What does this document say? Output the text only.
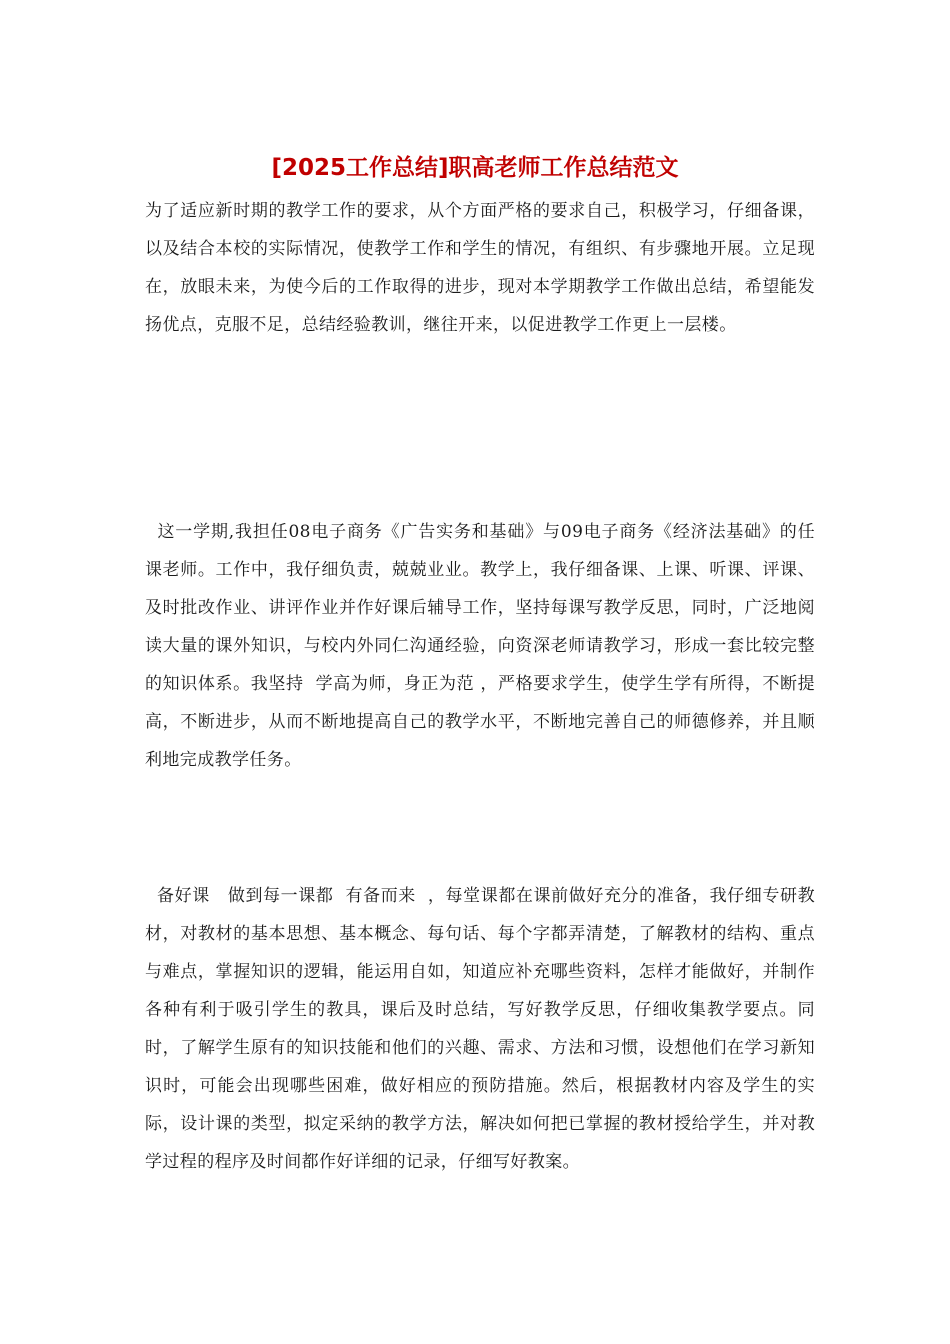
[2025工作总结]职高老师工作总结范文

为了适应新时期的教学工作的要求，从个方面严格的要求自己，积极学习，仔细备课，以及结合本校的实际情况，使教学工作和学生的情况，有组织、有步骤地开展。立足现在，放眼未来，为使今后的工作取得的进步，现对本学期教学工作做出总结，希望能发扬优点，克服不足，总结经验教训，继往开来，以促进教学工作更上一层楼。

这一学期,我担任08电子商务《广告实务和基础》与09电子商务《经济法基础》的任课老师。工作中，我仔细负责，兢兢业业。教学上，我仔细备课、上课、听课、评课、及时批改作业、讲评作业并作好课后辅导工作，坚持每课写教学反思，同时，广泛地阅读大量的课外知识，与校内外同仁沟通经验，向资深老师请教学习，形成一套比较完整的知识体系。我坚持  学高为师，身正为范 ，严格要求学生，使学生学有所得，不断提高，不断进步，从而不断地提高自己的教学水平，不断地完善自己的师德修养，并且顺利地完成教学任务。

备好课   做到每一课都  有备而来  ，每堂课都在课前做好充分的准备，我仔细专研教材，对教材的基本思想、基本概念、每句话、每个字都弄清楚，了解教材的结构、重点与难点，掌握知识的逻辑，能运用自如，知道应补充哪些资料，怎样才能做好，并制作各种有利于吸引学生的教具，课后及时总结，写好教学反思，仔细收集教学要点。同时，了解学生原有的知识技能和他们的兴趣、需求、方法和习惯，设想他们在学习新知识时，可能会出现哪些困难，做好相应的预防措施。然后，根据教材内容及学生的实际，设计课的类型，拟定采纳的教学方法，解决如何把已掌握的教材授给学生，并对教学过程的程序及时间都作好详细的记录，仔细写好教案。
